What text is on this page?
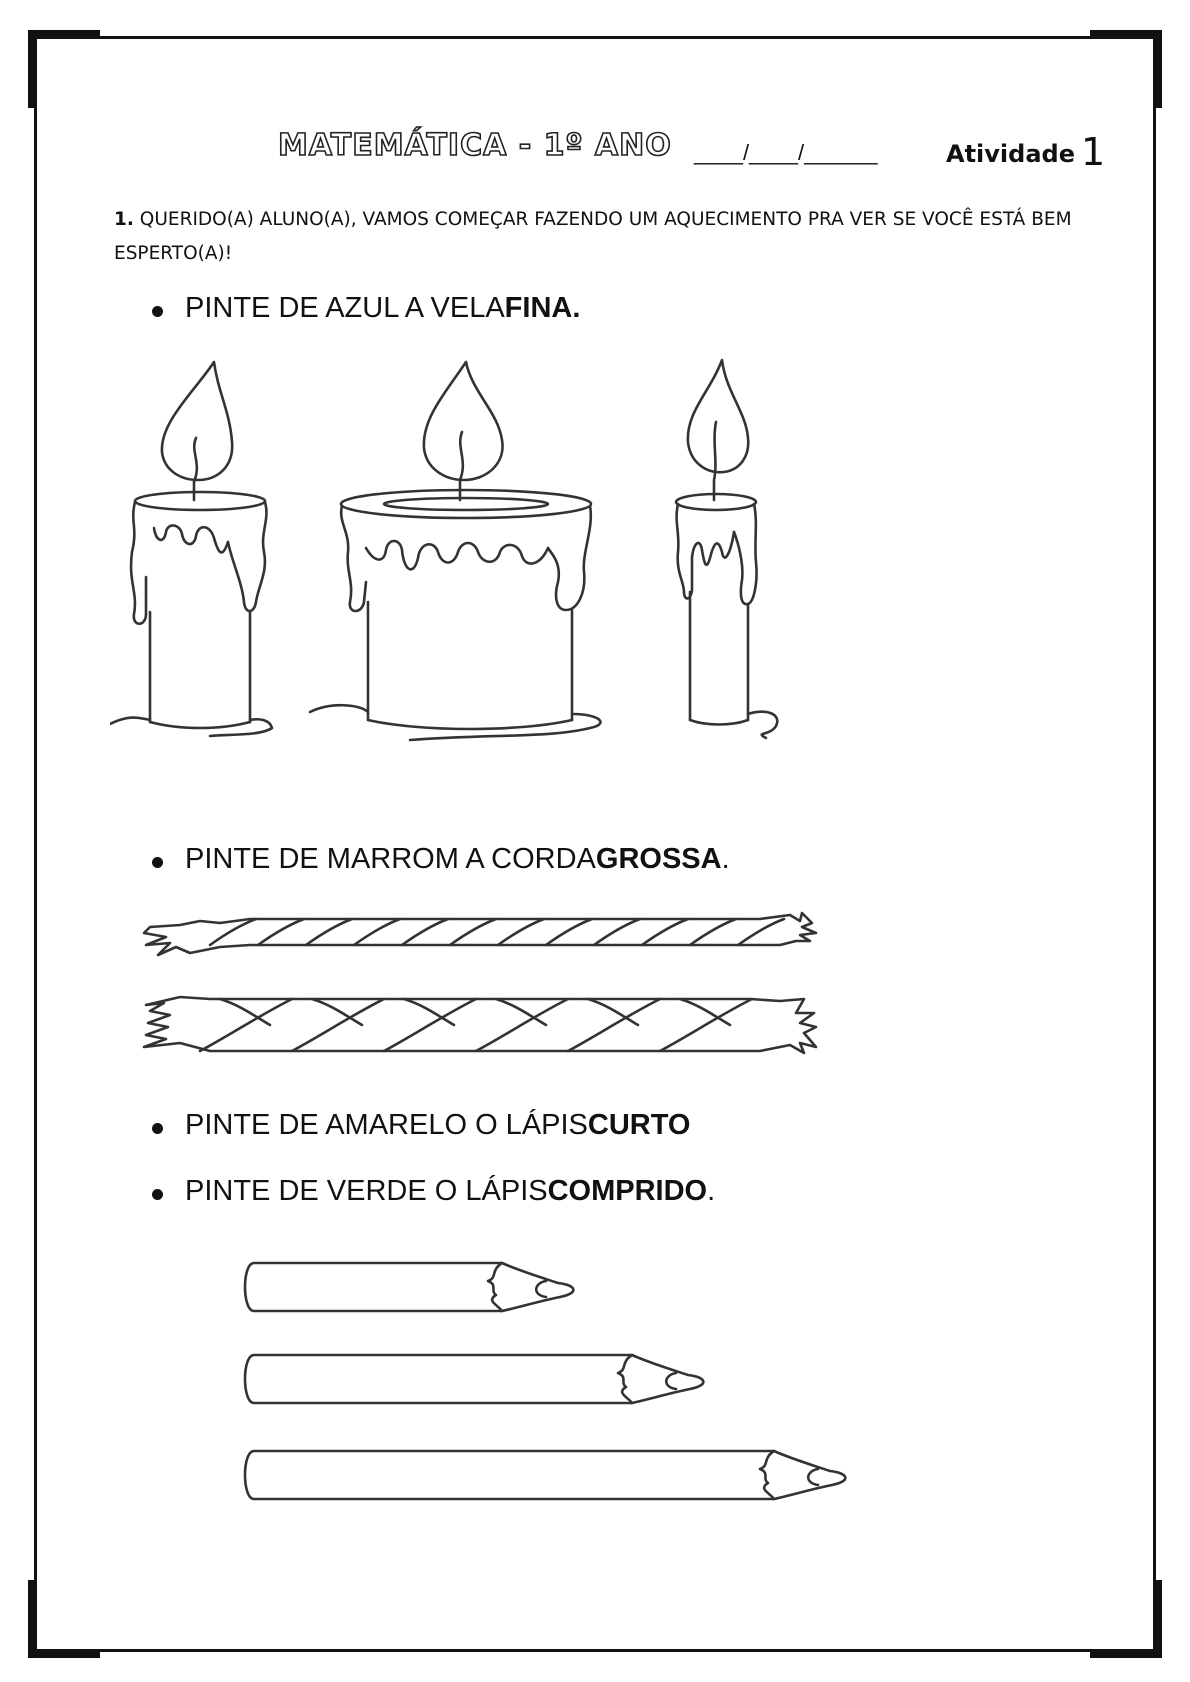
MATEMÁTICA - 1º ANO ____/____/______	Atividade 1
1. QUERIDO(A) ALUNO(A), VAMOS COMEÇAR FAZENDO UM AQUECIMENTO PRA VER SE VOCÊ ESTÁ BEM ESPERTO(A)!
PINTE DE AZUL A VELAFINA.
PINTE DE MARROM A CORDAGROSSA.
PINTE DE AMARELO O LÁPISCURTO
PINTE DE VERDE O LÁPISCOMPRIDO.
